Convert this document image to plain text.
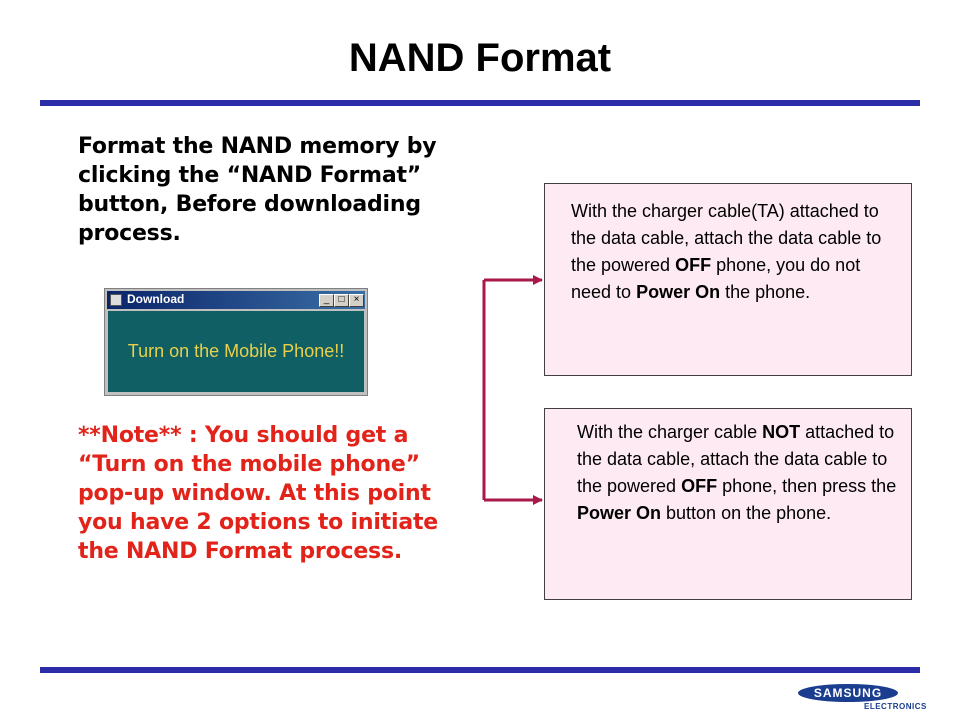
NAND Format
Format the NAND memory by clicking the “NAND Format” button, Before downloading process.
Download	_ □ ×
Turn on the Mobile Phone!!
**Note** : You should get a “Turn on the mobile phone” pop-up window. At this point you have 2 options to initiate the NAND Format process.
With the charger cable(TA) attached to the data cable, attach the data cable to the powered OFF phone, you do not need to Power On the phone.
With the charger cable NOT attached to the data cable, attach the data cable to the powered OFF phone, then press the Power On button on the phone.
SAMSUNG
ELECTRONICS
